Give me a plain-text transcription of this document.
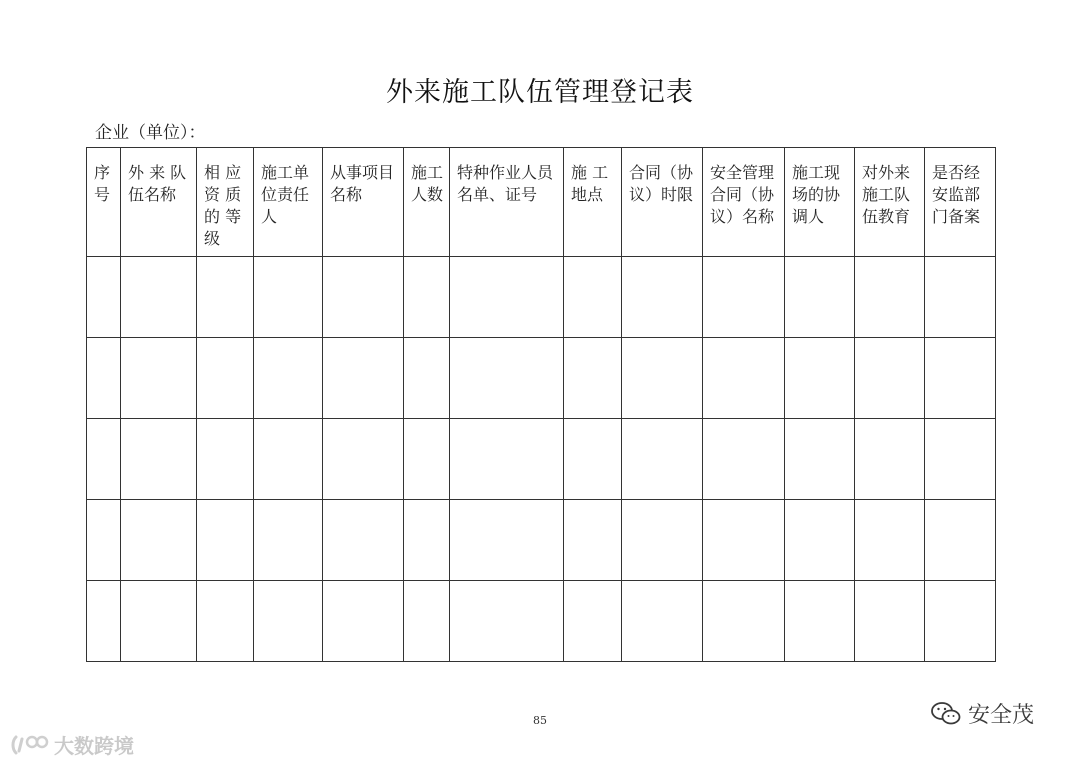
外来施工队伍管理登记表
企业（单位）：
序
号	外 来 队
伍名称	相 应
资 质
的 等
级	施工单
位责任
人	从事项目
名称	施工
人数	特种作业人员
名单、证号	施 工
地点	合同（协
议）时限	安全管理
合同（协
议）名称	施工现
场的协
调人	对外来
施工队
伍教育	是否经
安监部
门备案

85
大数跨境
安全茂
